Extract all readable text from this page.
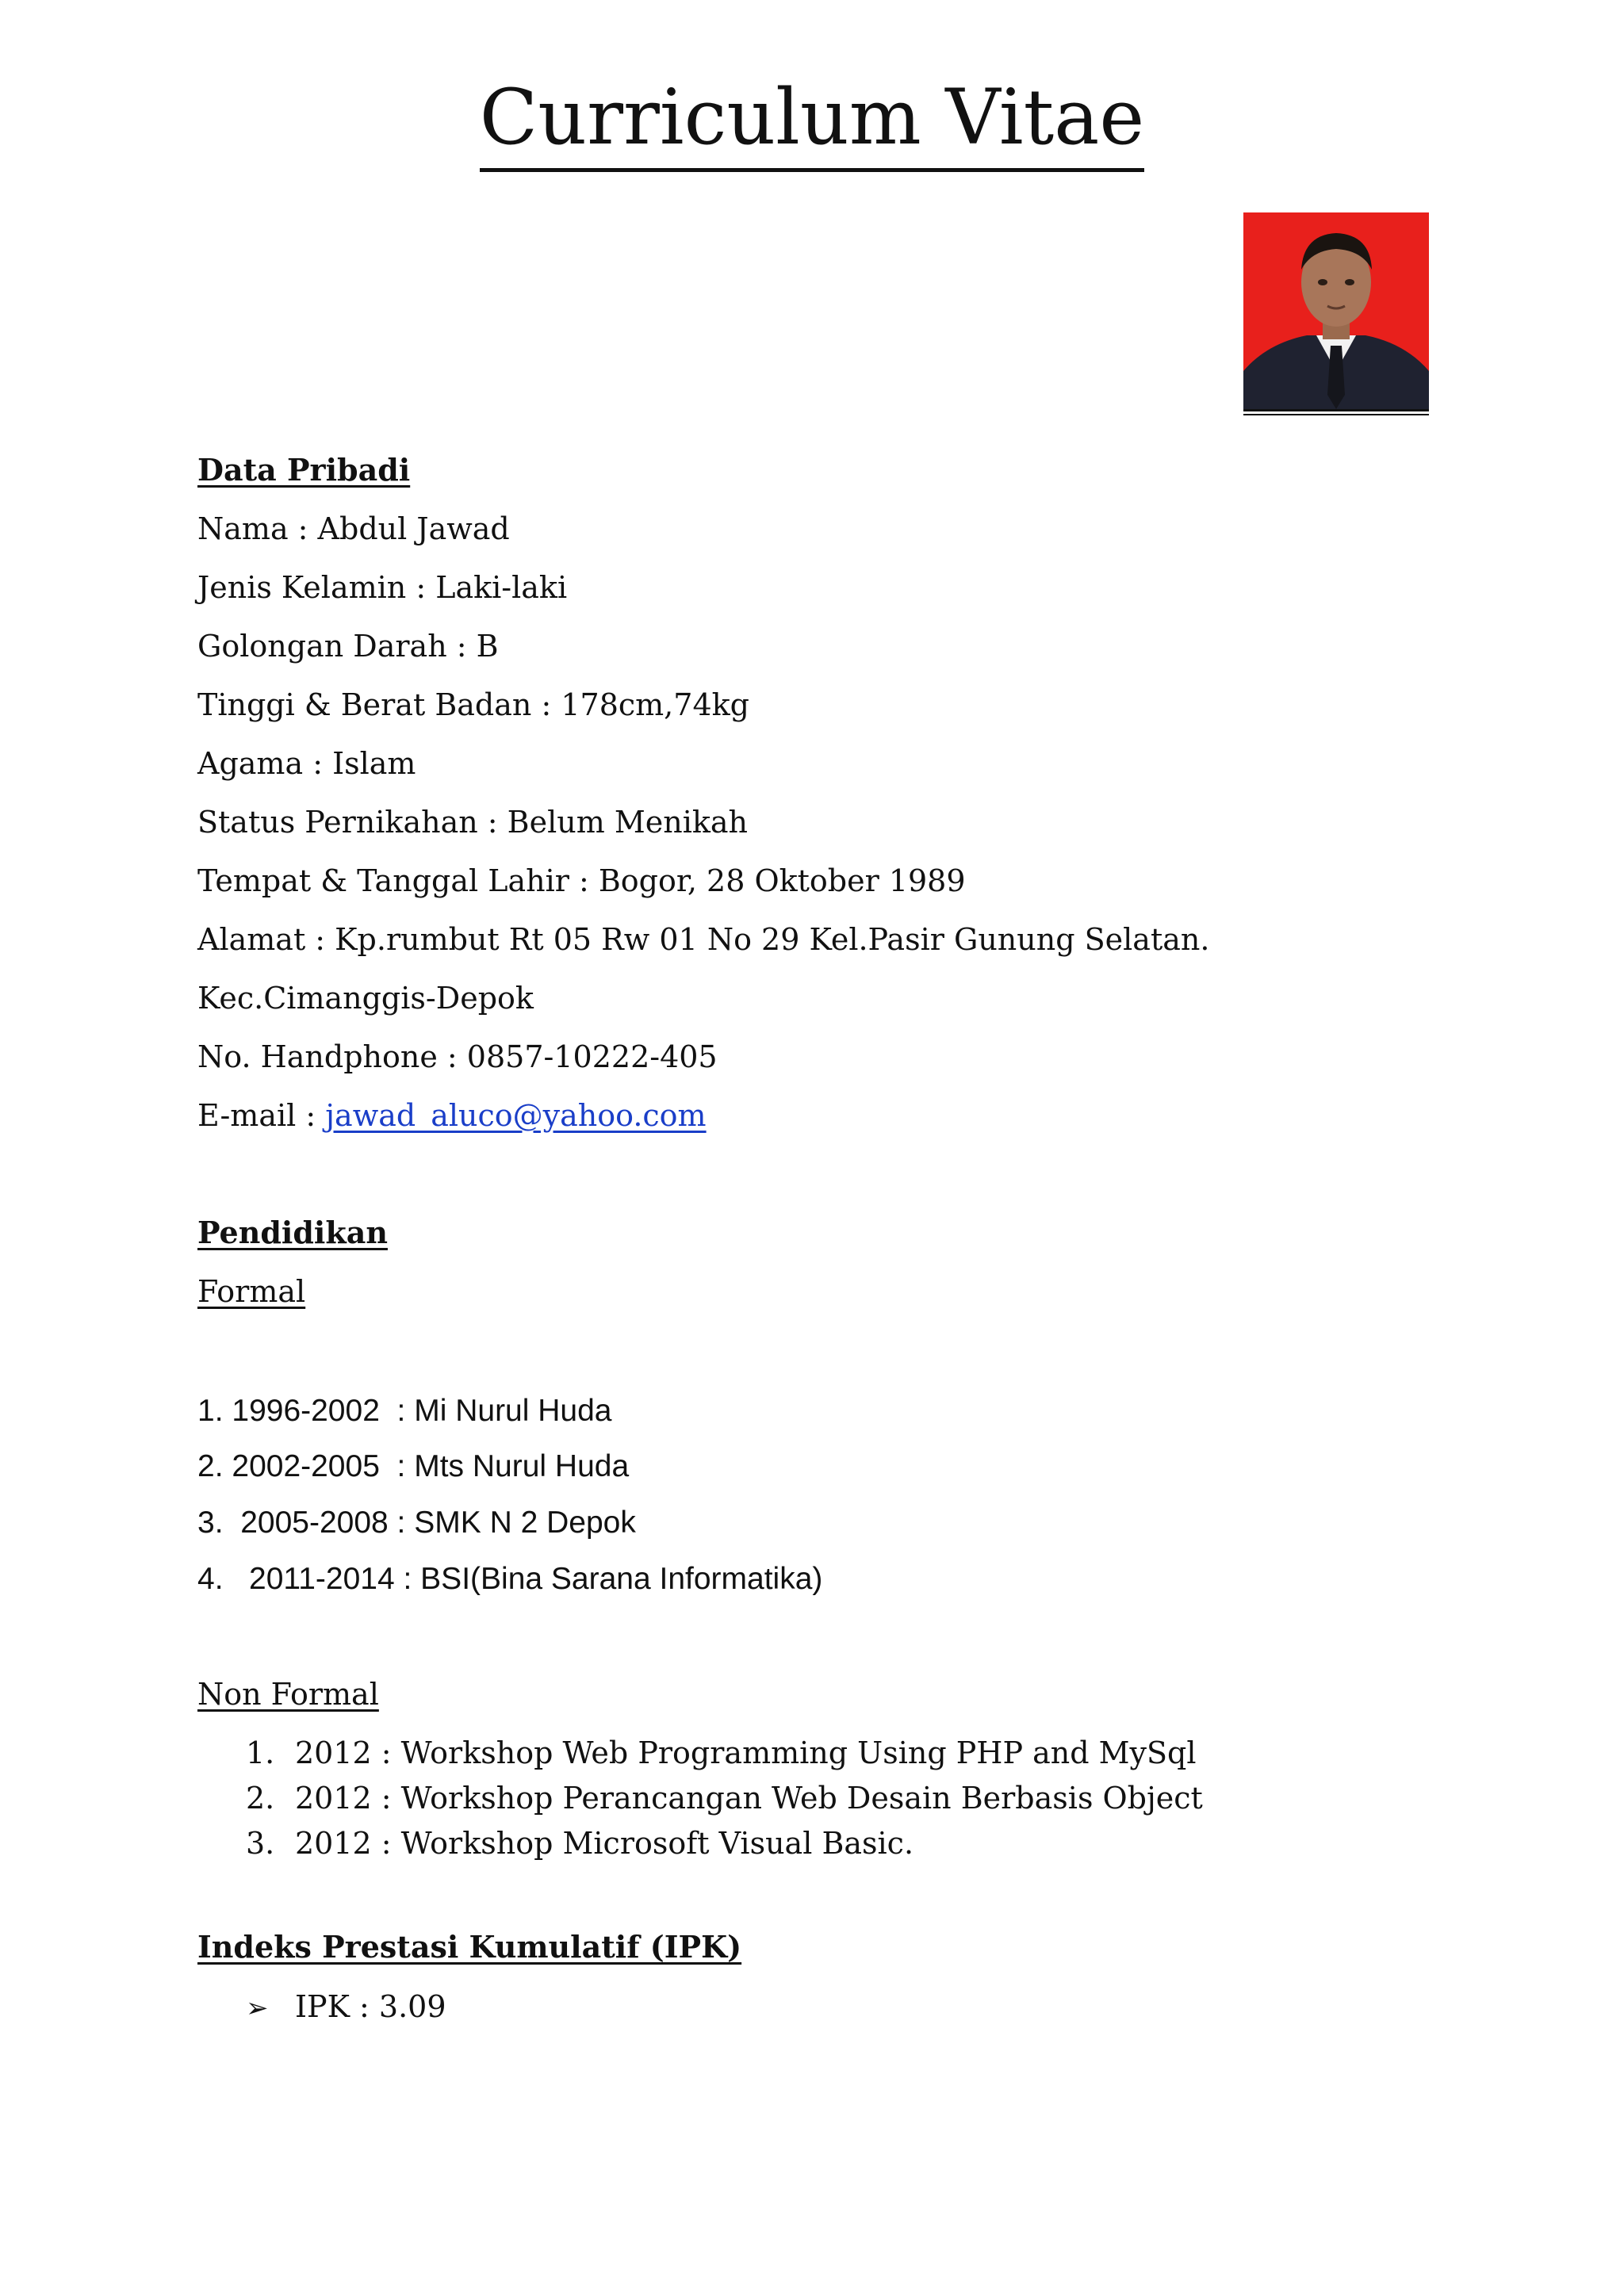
Curriculum Vitae
Data Pribadi
Nama : Abdul Jawad
Jenis Kelamin : Laki-laki
Golongan Darah : B
Tinggi & Berat Badan : 178cm,74kg
Agama : Islam
Status Pernikahan : Belum Menikah
Tempat & Tanggal Lahir : Bogor, 28 Oktober 1989
Alamat : Kp.rumbut Rt 05 Rw 01 No 29 Kel.Pasir Gunung Selatan.
Kec.Cimanggis-Depok
No. Handphone : 0857-10222-405
E-mail : jawad_aluco@yahoo.com
Pendidikan
Formal
1. 1996-2002  : Mi Nurul Huda
2. 2002-2005  : Mts Nurul Huda
3.  2005-2008 : SMK N 2 Depok
4.   2011-2014 : BSI(Bina Sarana Informatika)
Non Formal
1. 2012 : Workshop Web Programming Using PHP and MySql
2. 2012 : Workshop Perancangan Web Desain Berbasis Object
3. 2012 : Workshop Microsoft Visual Basic.
Indeks Prestasi Kumulatif (IPK)
➢ IPK : 3.09
